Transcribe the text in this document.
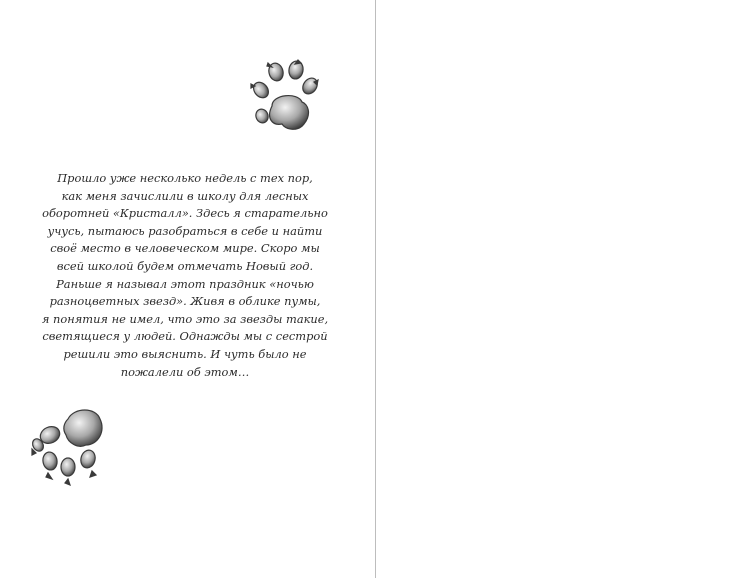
Прошло уже несколько недель с тех пор,
как меня зачислили в школу для лесных
оборотней «Кристалл». Здесь я старательно
учусь, пытаюсь разобраться в себе и найти
своё место в человеческом мире. Скоро мы
всей школой будем отмечать Новый год.
Раньше я называл этот праздник «ночью
разноцветных звезд». Живя в облике пумы,
я понятия не имел, что это за звезды такие,
светящиеся у людей. Однажды мы с сестрой
решили это выяснить. И чуть было не
пожалели об этом…
